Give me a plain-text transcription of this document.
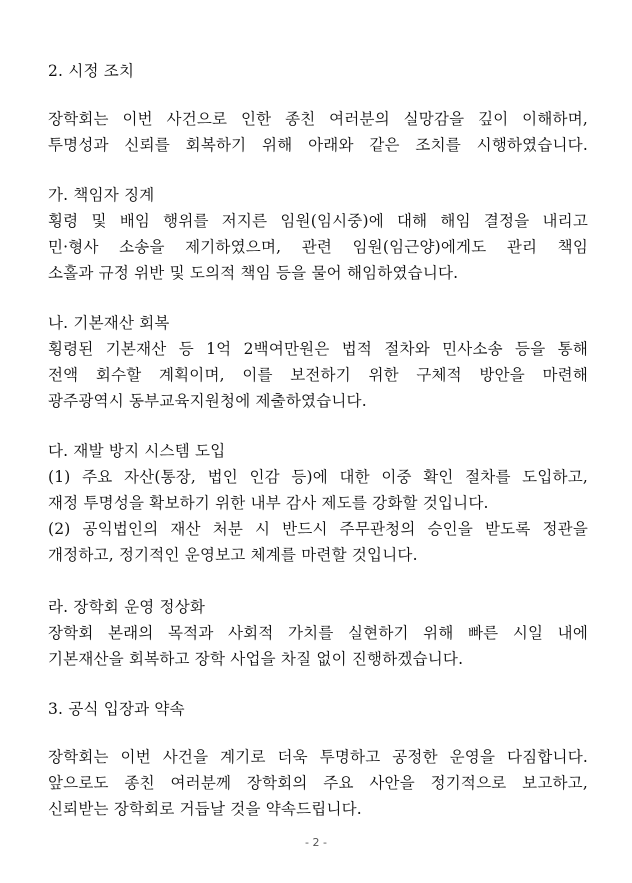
2. 시정 조치
장학회는 이번 사건으로 인한 종친 여러분의 실망감을 깊이 이해하며,
투명성과 신뢰를 회복하기 위해 아래와 같은 조치를 시행하였습니다.
가. 책임자 징계
횡령 및 배임 행위를 저지른 임원(임시중)에 대해 해임 결정을 내리고
민·형사 소송을 제기하였으며, 관련 임원(임근양)에게도 관리 책임
소홀과 규정 위반 및 도의적 책임 등을 물어 해임하였습니다.
나. 기본재산 회복
횡령된 기본재산 등 1억 2백여만원은 법적 절차와 민사소송 등을 통해
전액 회수할 계획이며, 이를 보전하기 위한 구체적 방안을 마련해
광주광역시 동부교육지원청에 제출하였습니다.
다. 재발 방지 시스템 도입
(1) 주요 자산(통장, 법인 인감 등)에 대한 이중 확인 절차를 도입하고,
재정 투명성을 확보하기 위한 내부 감사 제도를 강화할 것입니다.
(2) 공익법인의 재산 처분 시 반드시 주무관청의 승인을 받도록 정관을
개정하고, 정기적인 운영보고 체계를 마련할 것입니다.
라. 장학회 운영 정상화
장학회 본래의 목적과 사회적 가치를 실현하기 위해 빠른 시일 내에
기본재산을 회복하고 장학 사업을 차질 없이 진행하겠습니다.
3. 공식 입장과 약속
장학회는 이번 사건을 계기로 더욱 투명하고 공정한 운영을 다짐합니다.
앞으로도 종친 여러분께 장학회의 주요 사안을 정기적으로 보고하고,
신뢰받는 장학회로 거듭날 것을 약속드립니다.
- 2 -
